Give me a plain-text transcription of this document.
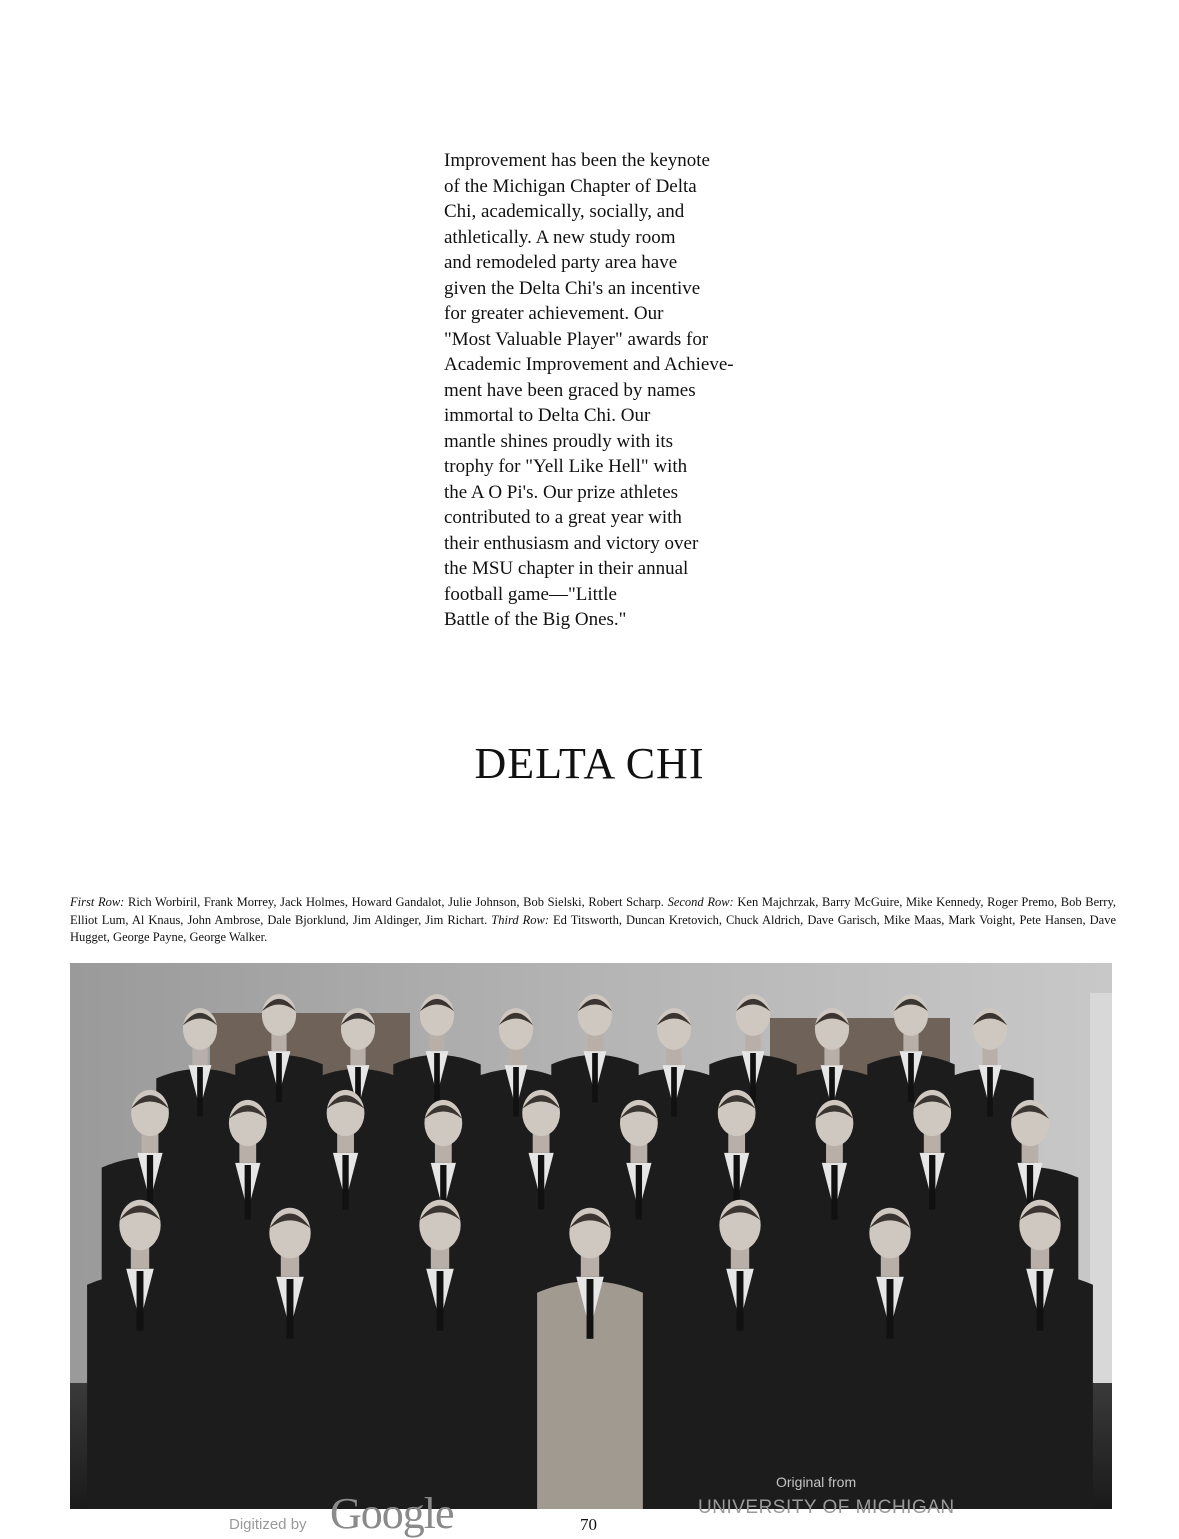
Improvement has been the keynote
of the Michigan Chapter of Delta
Chi, academically, socially, and
athletically. A new study room
and remodeled party area have
given the Delta Chi's an incentive
for greater achievement. Our
"Most Valuable Player" awards for
Academic Improvement and Achieve-
ment have been graced by names
immortal to Delta Chi. Our
mantle shines proudly with its
trophy for "Yell Like Hell" with
the A O Pi's. Our prize athletes
contributed to a great year with
their enthusiasm and victory over
the MSU chapter in their annual
football game—"Little
Battle of the Big Ones."
DELTA CHI

First Row: Rich Worbiril, Frank Morrey, Jack Holmes, Howard Gandalot, Julie Johnson, Bob Sielski, Robert Scharp. Second Row: Ken Majchrzak, Barry McGuire, Mike Kennedy, Roger Premo, Bob Berry, Elliot Lum, Al Knaus, John Ambrose, Dale Bjorklund, Jim Aldinger, Jim Richart. Third Row: Ed Titsworth, Duncan Kretovich, Chuck Aldrich, Dave Garisch, Mike Maas, Mark Voight, Pete Hansen, Dave Hugget, George Payne, George Walker.

Digitized by Google	70
Original from
UNIVERSITY OF MICHIGAN
